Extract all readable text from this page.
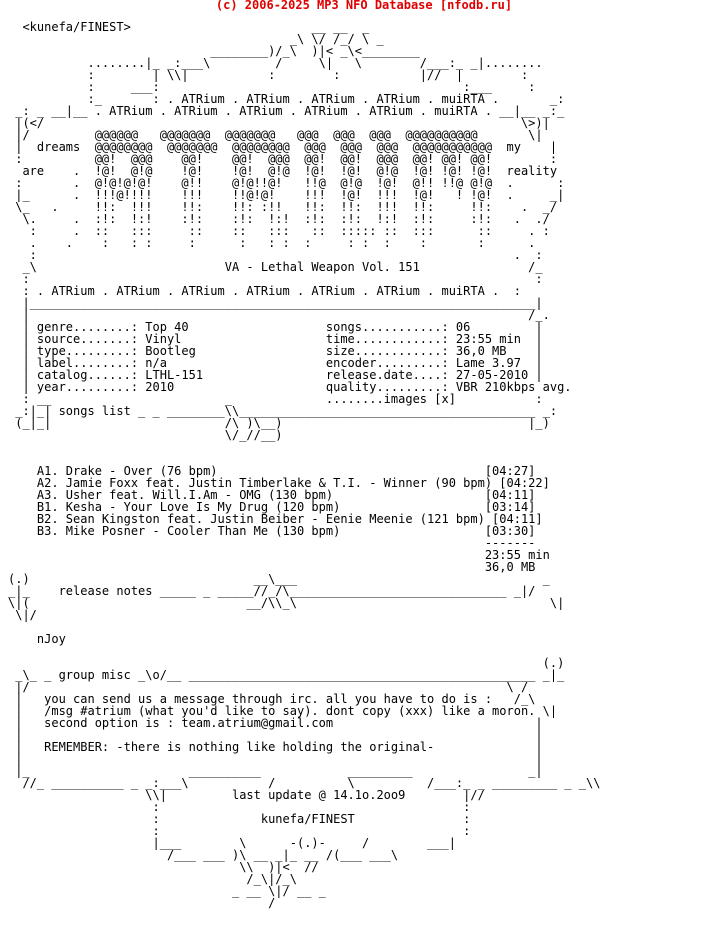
(c) 2006-2025 MP3 NFO Database [nfodb.ru]
<kunefa/FINEST>                         __ __  _
_\ \/ /_/ \ _
________)/_\  )|< _\<________
........|_ _:___\         /     \|   \        /___:_ _|........
:        | \\|           :        :           |//  |        :
:     ___:                                          :___     :
:_       : . ATRium . ATRium . ATRium . ATRium . muiRTA .       _:
_: _ __|__ . ATRium . ATRium . ATRium . ATRium . ATRium . muiRTA . __|__ _:_
|(</                                                                  \>)|
|/         @@@@@@   @@@@@@@  @@@@@@@   @@@  @@@  @@@  @@@@@@@@@@       \|
|  dreams  @@@@@@@@  @@@@@@@  @@@@@@@@  @@@  @@@  @@@  @@@@@@@@@@@  my    |
:          @@!  @@@    @@!    @@!  @@@  @@!  @@!  @@@  @@! @@! @@!        :
are    .  !@!  @!@    !@!    !@!  @!@  !@!  !@!  @!@  !@! !@! !@!  reality
:       .  @!@!@!@!    @!!    @!@!!@!   !!@  @!@  !@!  @!! !!@ @!@  .      :
|_      .  !!!@!!!!    !!!    !!@!@!    !!!  !@!  !!!  !@!   ! !@!  .     _|
\_   .     !!:  !!!    !!:    !!: :!!   !!:  !!:  !!!  !!:     !!:    .  _/
\.     .  :!:  !:!    :!:    :!:  !:!  :!:  :!:  !:!  :!:     :!:   .  ./
:     .  ::   :::     ::    ::   :::   ::  ::::: ::  :::      ::     . :
.    .    :   : :     :      :   : :  :     : :  :    :       :      .
:                                                                  .  :
_\                          VA - Lethal Weapon Vol. 151               /_
:                                                                      :
: . ATRium . ATRium . ATRium . ATRium . ATRium . ATRium . muiRTA .  :
|______________________________________________________________________|
|                                                                     /_.
| genre........: Top 40                   songs...........: 06         |
| source.......: Vinyl                    time............: 23:55 min  |
| type.........: Bootleg                  size............: 36,0 MB    |
| label........: n/a                      encoder.........: Lame 3.97  |
| catalog......: LTHL-151                 release.date....: 27-05-2010 |
| year.........: 2010                     quality.........: VBR 210kbps avg.
: __                        _             ........images [x]           :
_:|_| songs list _ _ ________\\_________________________________________ _:
(_|_|                        /\ )\__)                                  |_)
\/_//__)

A1. Drake - Over (76 bpm)                                     [04:27]
A2. Jamie Foxx feat. Justin Timberlake & T.I. - Winner (90 bpm) [04:22]
A3. Usher feat. Will.I.Am - OMG (130 bpm)                     [04:11]
B1. Kesha - Your Love Is My Drug (120 bpm)                    [03:14]
B2. Sean Kingston feat. Justin Beiber - Eenie Meenie (121 bpm) [04:11]
B3. Mike Posner - Cooler Than Me (130 bpm)                    [03:30]
-------
23:55 min
36,0 MB
(.)                               __\___                                  _
_|_    release notes _____ _ _____//_/\______________________________ _|/
\|(                              __/\\_\                                   \|
\|/

nJoy

(.)
_\_ _ group misc _\o/__ ________________________________________________ _|_
|/                                                                  \ /
|   you can send us a message through irc. all you have to do is :   /_\
|   /msg #atrium (what you'd like to say). dont copy (xxx) like a moron. \|
|   second option is : team.atrium@gmail.com                            |
|                                                                       |
|   REMEMBER: -there is nothing like holding the original-              |
|                                                                       |
|_                      __________            _________                _|
//_ __________ _ _:___\           /          \          /___:_ _ _________ _ _\\
\\|         last update @ 14.1o.2oo9        |//
:                                          :
:              kunefa/FINEST               :
:                                          :
|___        \      -(.)-     /        ___|
/___ ___ )\ __ _|_ __ /(___ ___\
\\  )|<  //
/_\|/_\
_ __ \|/ __ _
/
